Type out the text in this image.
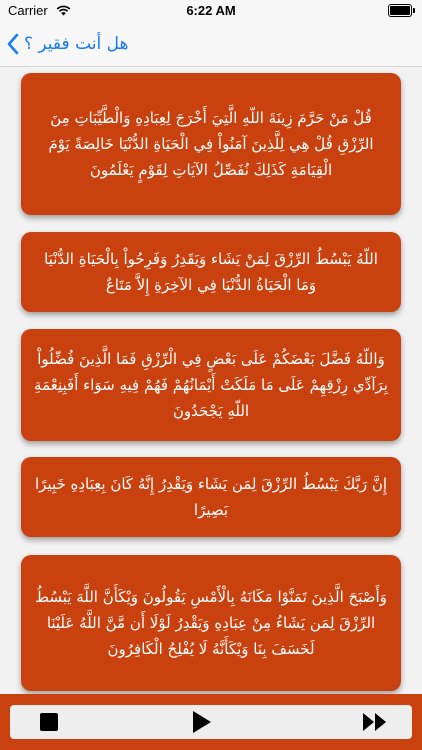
Carrier	6:22 AM
هل أنت فقير ؟
قُلْ مَنْ حَرَّمَ زِينَةَ اللّهِ الَّتِيَ أَخْرَجَ لِعِبَادِهِ وَالْطَّيِّبَاتِ مِنَ الرِّزْقِ قُلْ هِي لِلَّذِينَ آمَنُواْ فِي الْحَيَاةِ الدُّنْيَا خَالِصَةً يَوْمَ الْقِيَامَةِ كَذَلِكَ نُفَصِّلُ الآيَاتِ لِقَوْمٍ يَعْلَمُونَ
اللّهُ يَبْسُطُ الرِّزْقَ لِمَنْ يَشَاء وَيَقَدِرُ وَفَرِحُواْ بِالْحَيَاةِ الدُّنْيَا وَمَا الْحَيَاةُ الدُّنْيَا فِي الآخِرَةِ إِلاَّ مَتَاعٌ
وَاللّهُ فَضَّلَ بَعْضَكُمْ عَلَى بَعْضٍ فِي الْرِّزْقِ فَمَا الَّذِينَ فُضِّلُواْ بِرَآدِّي رِزْقِهِمْ عَلَى مَا مَلَكَتْ أَيْمَانُهُمْ فَهُمْ فِيهِ سَوَاء أَفَبِنِعْمَةِ اللّهِ يَجْحَدُونَ
إِنَّ رَبَّكَ يَبْسُطُ الرِّزْقَ لِمَن يَشَاء وَيَقْدِرُ إِنَّهُ كَانَ بِعِبَادِهِ خَبِيرًا بَصِيرًا
وَأَصْبَحَ الَّذِينَ تَمَنَّوْا مَكَانَهُ بِالْأَمْسِ يَقُولُونَ وَيْكَأَنَّ اللَّهَ يَبْسُطُ الرِّزْقَ لِمَن يَشَاءُ مِنْ عِبَادِهِ وَيَقْدِرُ لَوْلَا أَن مَّنَّ اللَّهُ عَلَيْنَا لَخَسَفَ بِنَا وَيْكَأَنَّهُ لَا يُفْلِحُ الْكَافِرُونَ
